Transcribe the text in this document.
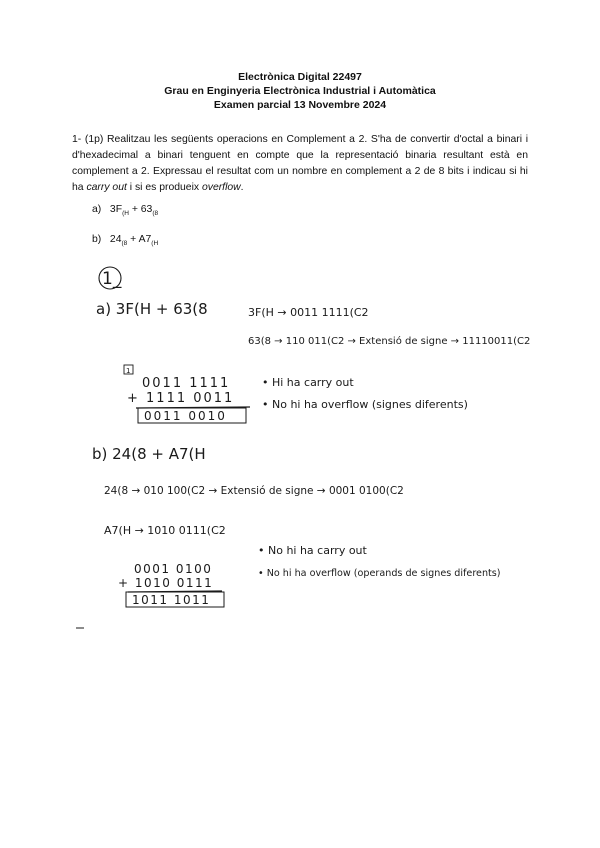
Electrònica Digital 22497
Grau en Enginyeria Electrònica Industrial i Automàtica
Examen parcial 13 Novembre 2024
1- (1p) Realitzau les següents operacions en Complement a 2. S'ha de convertir d'octal a binari i d'hexadecimal a binari tenguent en compte que la representació binaria resultant està en complement a 2. Expressau el resultat com un nombre en complement a 2 de 8 bits i indicau si hi ha carry out i si es produeix overflow.
a) $3F_{(H} + 63_{(8}$
b) $24_{(8} + A7_{(H}$
1_
a) 3F(H + 63(8	3F(H → 0011 1111(C2
63(8 → 110 011(C2 → Extensió de signe → 11110011(C2
1
0011 1111
+ 1111 0011
0011 0010
• Hi ha carry out
• No hi ha overflow (signes diferents)
b) 24(8 + A7(H
24(8 → 010 100(C2 → Extensió de signe → 0001 0100(C2
A7(H → 1010 0111(C2
0001 0100
+ 1010 0111
1011 1011
• No hi ha carry out
• No hi ha overflow (operands de signes diferents)
